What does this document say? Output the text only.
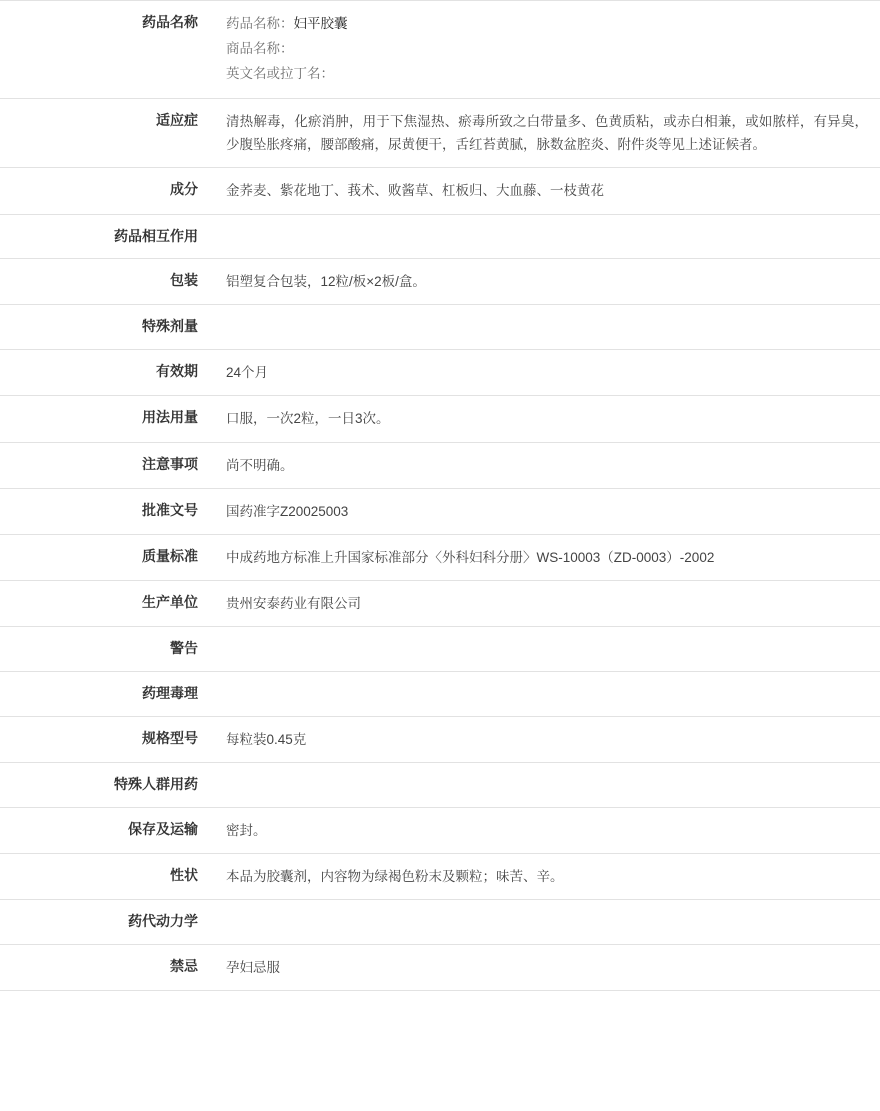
药品名称	药品名称：妇平胶囊
商品名称：
英文名或拉丁名：

适应症	清热解毒，化瘀消肿，用于下焦湿热、瘀毒所致之白带量多、色黄质粘，或赤白相兼，或如脓样，有异臭，少腹坠胀疼痛，腰部酸痛，尿黄便干，舌红苔黄腻，脉数盆腔炎、附件炎等见上述证候者。
成分	金荞麦、紫花地丁、莪术、败酱草、杠板归、大血藤、一枝黄花
药品相互作用	

包装	铝塑复合包装，12粒/板×2板/盒。
特殊剂量	

有效期	24个月
用法用量	口服，一次2粒，一日3次。
注意事项	尚不明确。
批准文号	国药准字Z20025003
质量标准	中成药地方标准上升国家标准部分〈外科妇科分册〉WS-10003（ZD-0003）-2002
生产单位	贵州安泰药业有限公司
警告	

药理毒理	

规格型号	每粒装0.45克
特殊人群用药	

保存及运输	密封。
性状	本品为胶囊剂，内容物为绿褐色粉末及颗粒；味苦、辛。
药代动力学	

禁忌	孕妇忌服
